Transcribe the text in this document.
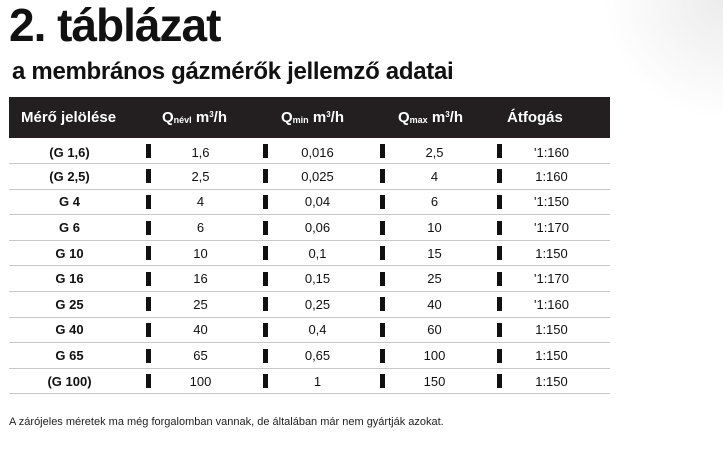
2. táblázat
a membrános gázmérők jellemző adatai
Mérő jelölése	$Q_{névl}$ $m^3/h$	$Q_{min}$ $m^3/h$	$Q_{max}$ $m^3/h$	Átfogás
(G 1,6)	1,6	0,016	2,5	'1:160
(G 2,5)	2,5	0,025	4	1:160
G 4	4	0,04	6	'1:150
G 6	6	0,06	10	'1:170
G 10	10	0,1	15	1:150
G 16	16	0,15	25	'1:170
G 25	25	0,25	40	'1:160
G 40	40	0,4	60	1:150
G 65	65	0,65	100	1:150
(G 100)	100	1	150	1:150
A zárójeles méretek ma még forgalomban vannak, de általában már nem gyártják azokat.
